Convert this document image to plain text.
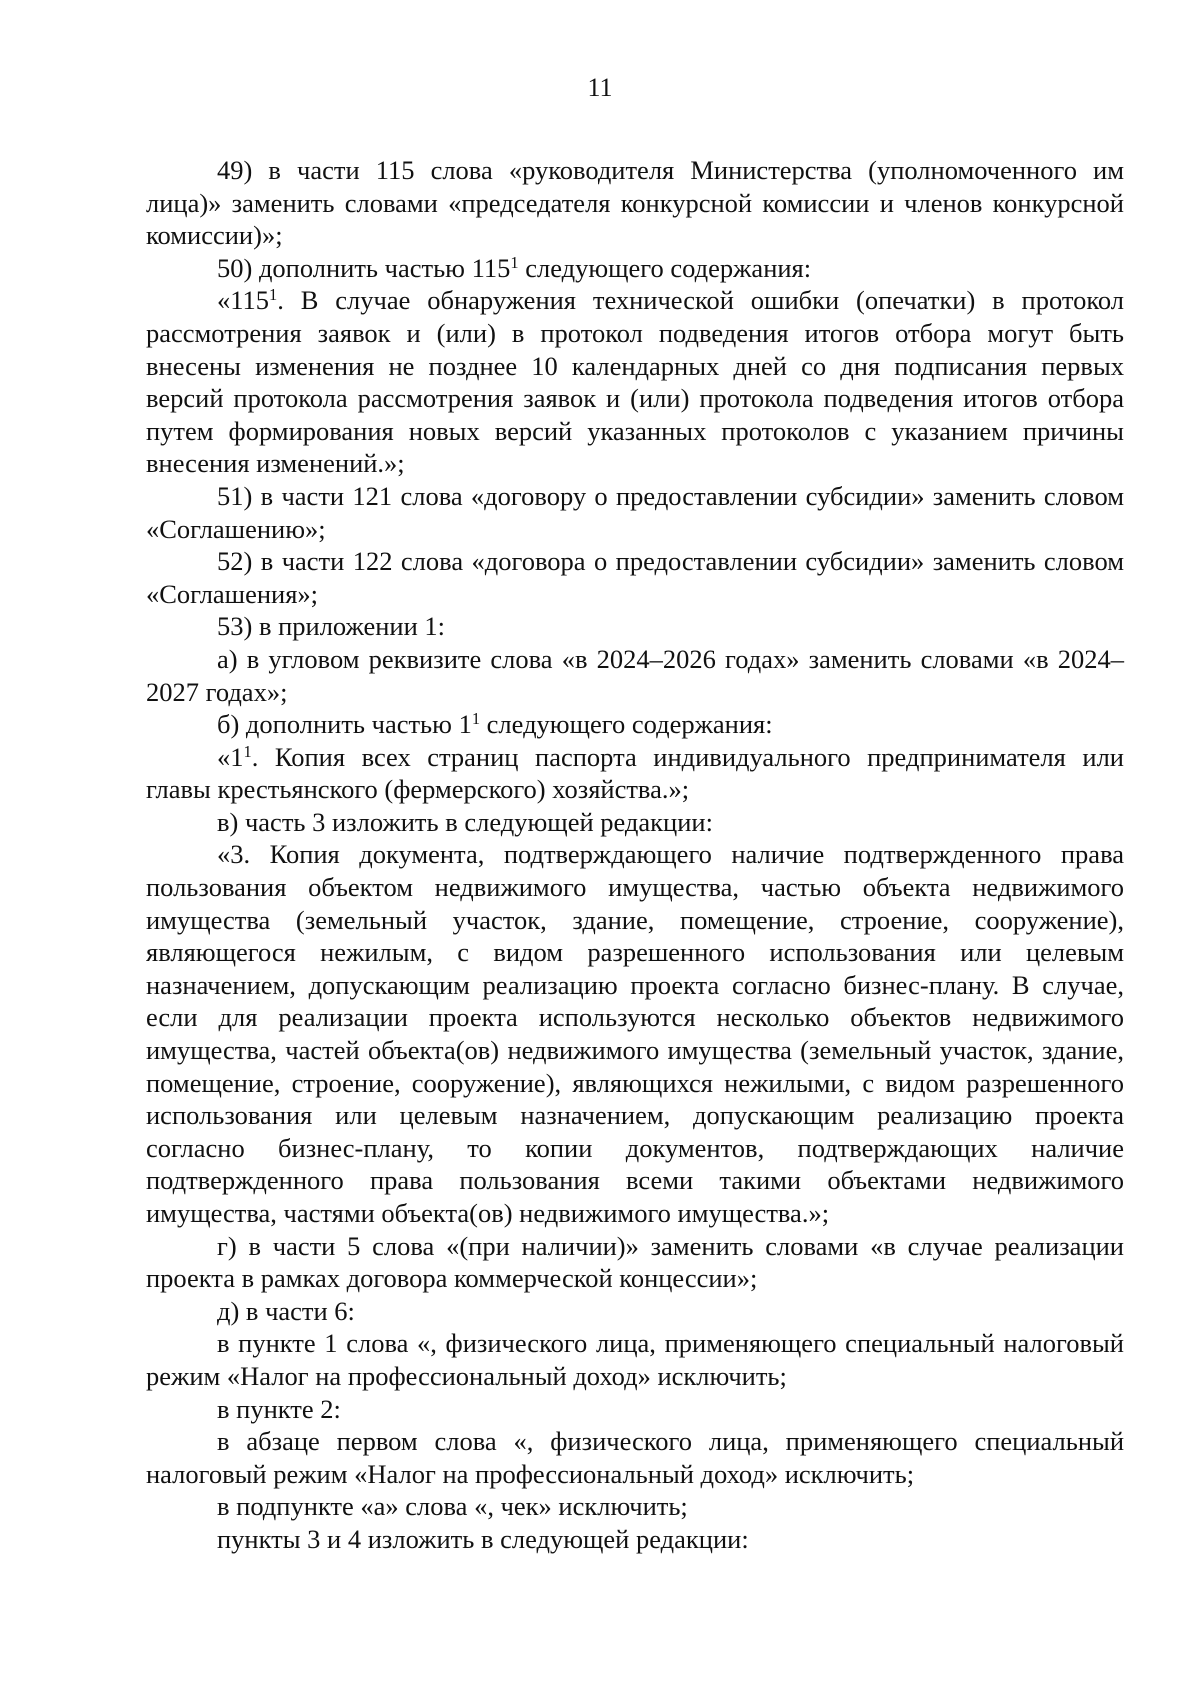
11

49) в части 115 слова «руководителя Министерства (уполномоченного им лица)» заменить словами «председателя конкурсной комиссии и членов конкурсной комиссии)»;

50) дополнить частью $115^1$ следующего содержания:

«$115^1$. В случае обнаружения технической ошибки (опечатки) в протокол рассмотрения заявок и (или) в протокол подведения итогов отбора могут быть внесены изменения не позднее 10 календарных дней со дня подписания первых версий протокола рассмотрения заявок и (или) протокола подведения итогов отбора путем формирования новых версий указанных протоколов с указанием причины внесения изменений.»;

51) в части 121 слова «договору о предоставлении субсидии» заменить словом «Соглашению»;

52) в части 122 слова «договора о предоставлении субсидии» заменить словом «Соглашения»;

53) в приложении 1:

а) в угловом реквизите слова «в 2024–2026 годах» заменить словами «в 2024–2027 годах»;

б) дополнить частью $1^1$ следующего содержания:

«$1^1$. Копия всех страниц паспорта индивидуального предпринимателя или главы крестьянского (фермерского) хозяйства.»;

в) часть 3 изложить в следующей редакции:

«3. Копия документа, подтверждающего наличие подтвержденного права пользования объектом недвижимого имущества, частью объекта недвижимого имущества (земельный участок, здание, помещение, строение, сооружение), являющегося нежилым, с видом разрешенного использования или целевым назначением, допускающим реализацию проекта согласно бизнес-плану. В случае, если для реализации проекта используются несколько объектов недвижимого имущества, частей объекта(ов) недвижимого имущества (земельный участок, здание, помещение, строение, сооружение), являющихся нежилыми, с видом разрешенного использования или целевым назначением, допускающим реализацию проекта согласно бизнес-плану, то копии документов, подтверждающих наличие подтвержденного права пользования всеми такими объектами недвижимого имущества, частями объекта(ов) недвижимого имущества.»;

г) в части 5 слова «(при наличии)» заменить словами «в случае реализации проекта в рамках договора коммерческой концессии»;

д) в части 6:

в пункте 1 слова «, физического лица, применяющего специальный налоговый режим «Налог на профессиональный доход» исключить;

в пункте 2:

в абзаце первом слова «, физического лица, применяющего специальный налоговый режим «Налог на профессиональный доход» исключить;

в подпункте «а» слова «, чек» исключить;

пункты 3 и 4 изложить в следующей редакции:
